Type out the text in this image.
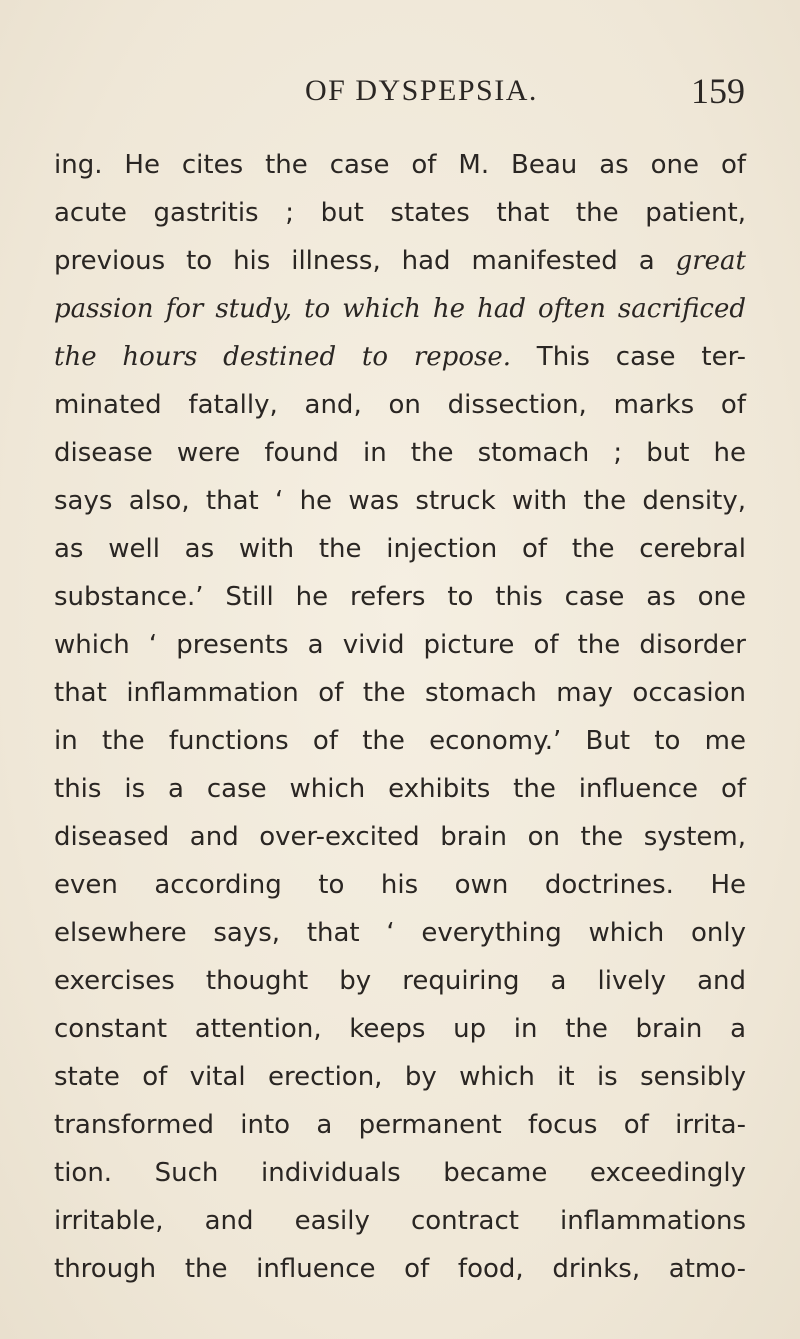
OF DYSPEPSIA.	159
ing. He cites the case of M. Beau as one of
acute gastritis ; but states that the patient,
previous to his illness, had manifested a great
passion for study, to which he had often sacrificed
the hours destined to repose. This case ter-
minated fatally, and, on dissection, marks of
disease were found in the stomach ; but he
says also, that ‘ he was struck with the density,
as well as with the injection of the cerebral
substance.’ Still he refers to this case as one
which ‘ presents a vivid picture of the disorder
that inflammation of the stomach may occasion
in the functions of the economy.’ But to me
this is a case which exhibits the influence of
diseased and over-excited brain on the system,
even according to his own doctrines. He
elsewhere says, that ‘ everything which only
exercises thought by requiring a lively and
constant attention, keeps up in the brain a
state of vital erection, by which it is sensibly
transformed into a permanent focus of irrita-
tion. Such individuals became exceedingly
irritable, and easily contract inflammations
through the influence of food, drinks, atmo-
